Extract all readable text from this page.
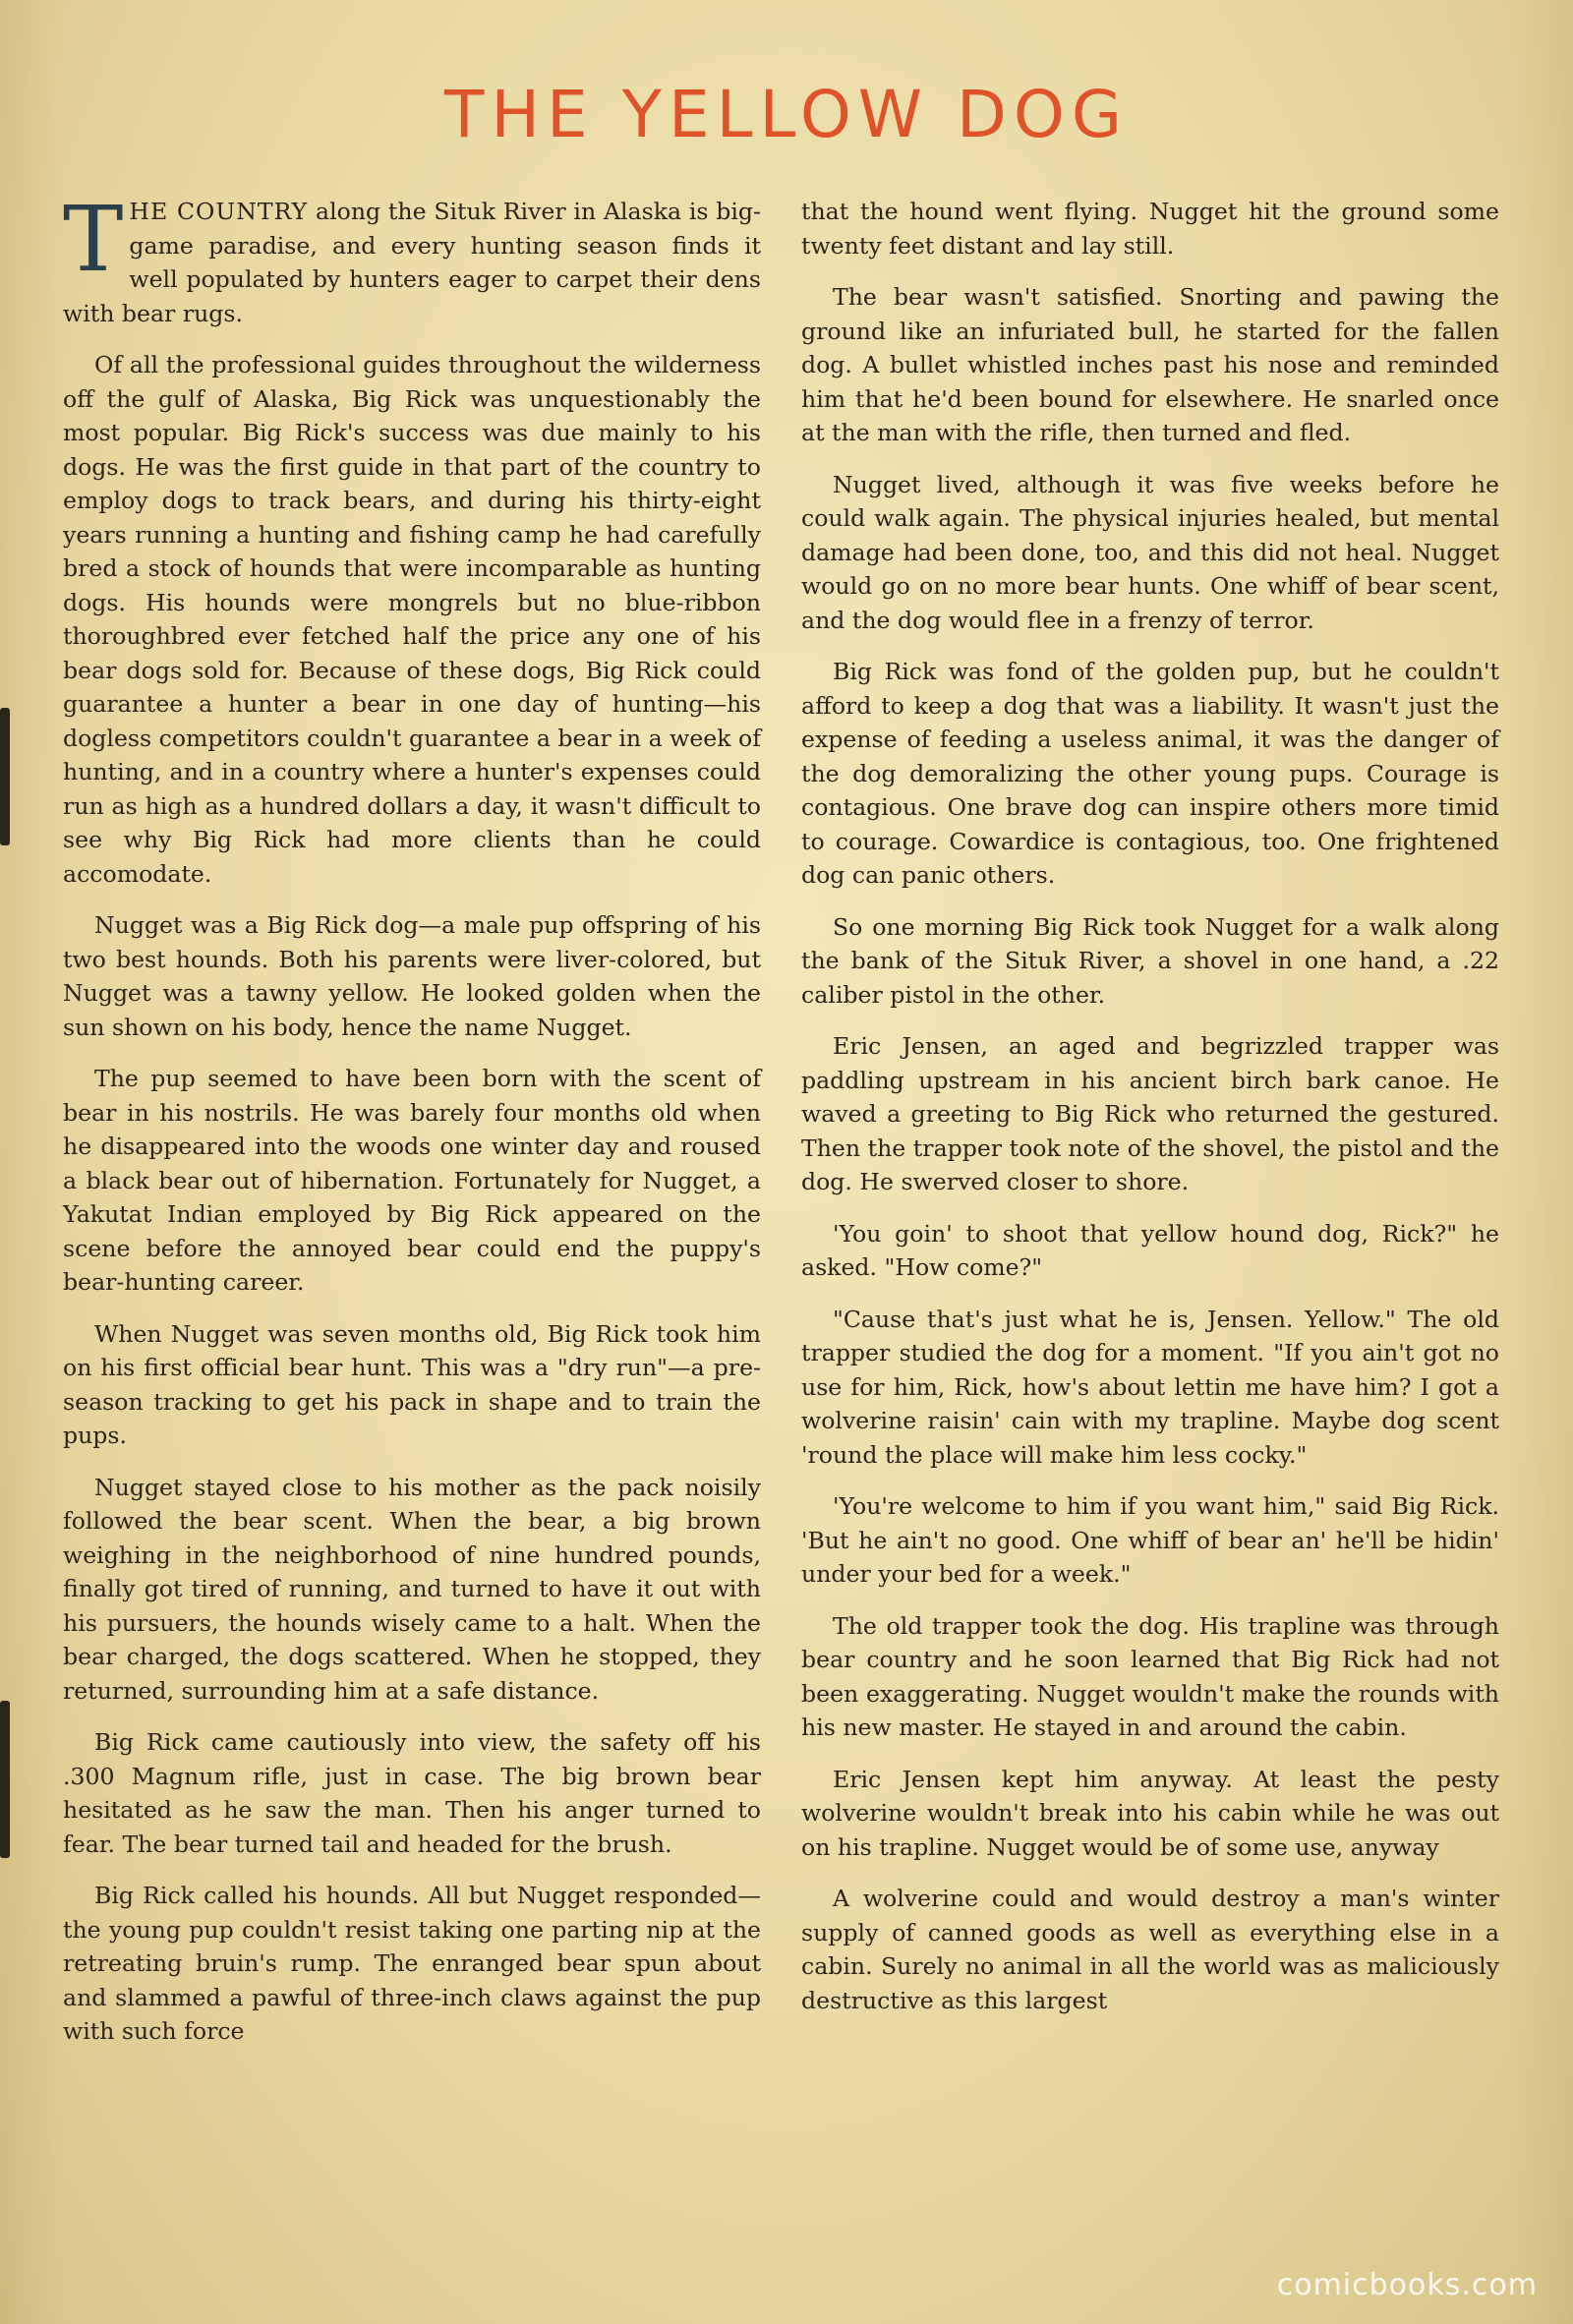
THE YELLOW DOG

THE COUNTRY along the Situk River in Alaska is big-game paradise, and every hunting season finds it well populated by hunters eager to carpet their dens with bear rugs.

Of all the professional guides throughout the wilderness off the gulf of Alaska, Big Rick was unquestionably the most popular. Big Rick's success was due mainly to his dogs. He was the first guide in that part of the country to employ dogs to track bears, and during his thirty-eight years running a hunting and fishing camp he had carefully bred a stock of hounds that were incomparable as hunting dogs. His hounds were mongrels but no blue-ribbon thoroughbred ever fetched half the price any one of his bear dogs sold for. Because of these dogs, Big Rick could guarantee a hunter a bear in one day of hunting—his dogless competitors couldn't guarantee a bear in a week of hunting, and in a country where a hunter's expenses could run as high as a hundred dollars a day, it wasn't difficult to see why Big Rick had more clients than he could accomodate.

Nugget was a Big Rick dog—a male pup offspring of his two best hounds. Both his parents were liver-colored, but Nugget was a tawny yellow. He looked golden when the sun shown on his body, hence the name Nugget.

The pup seemed to have been born with the scent of bear in his nostrils. He was barely four months old when he disappeared into the woods one winter day and roused a black bear out of hibernation. Fortunately for Nugget, a Yakutat Indian employed by Big Rick appeared on the scene before the annoyed bear could end the puppy's bear-hunting career.

When Nugget was seven months old, Big Rick took him on his first official bear hunt. This was a "dry run"—a pre-season tracking to get his pack in shape and to train the pups.

Nugget stayed close to his mother as the pack noisily followed the bear scent. When the bear, a big brown weighing in the neighborhood of nine hundred pounds, finally got tired of running, and turned to have it out with his pursuers, the hounds wisely came to a halt. When the bear charged, the dogs scattered. When he stopped, they returned, surrounding him at a safe distance.

Big Rick came cautiously into view, the safety off his .300 Magnum rifle, just in case. The big brown bear hesitated as he saw the man. Then his anger turned to fear. The bear turned tail and headed for the brush.

Big Rick called his hounds. All but Nugget responded—the young pup couldn't resist taking one parting nip at the retreating bruin's rump. The enranged bear spun about and slammed a pawful of three-inch claws against the pup with such force

that the hound went flying. Nugget hit the ground some twenty feet distant and lay still.

The bear wasn't satisfied. Snorting and pawing the ground like an infuriated bull, he started for the fallen dog. A bullet whistled inches past his nose and reminded him that he'd been bound for elsewhere. He snarled once at the man with the rifle, then turned and fled.

Nugget lived, although it was five weeks before he could walk again. The physical injuries healed, but mental damage had been done, too, and this did not heal. Nugget would go on no more bear hunts. One whiff of bear scent, and the dog would flee in a frenzy of terror.

Big Rick was fond of the golden pup, but he couldn't afford to keep a dog that was a liability. It wasn't just the expense of feeding a useless animal, it was the danger of the dog demoralizing the other young pups. Courage is contagious. One brave dog can inspire others more timid to courage. Cowardice is contagious, too. One frightened dog can panic others.

So one morning Big Rick took Nugget for a walk along the bank of the Situk River, a shovel in one hand, a .22 caliber pistol in the other.

Eric Jensen, an aged and begrizzled trapper was paddling upstream in his ancient birch bark canoe. He waved a greeting to Big Rick who returned the gestured. Then the trapper took note of the shovel, the pistol and the dog. He swerved closer to shore.

'You goin' to shoot that yellow hound dog, Rick?" he asked. "How come?"

"Cause that's just what he is, Jensen. Yellow." The old trapper studied the dog for a moment. "If you ain't got no use for him, Rick, how's about lettin me have him? I got a wolverine raisin' cain with my trapline. Maybe dog scent 'round the place will make him less cocky."

'You're welcome to him if you want him," said Big Rick. 'But he ain't no good. One whiff of bear an' he'll be hidin' under your bed for a week."

The old trapper took the dog. His trapline was through bear country and he soon learned that Big Rick had not been exaggerating. Nugget wouldn't make the rounds with his new master. He stayed in and around the cabin.

Eric Jensen kept him anyway. At least the pesty wolverine wouldn't break into his cabin while he was out on his trapline. Nugget would be of some use, anyway

A wolverine could and would destroy a man's winter supply of canned goods as well as everything else in a cabin. Surely no animal in all the world was as maliciously destructive as this largest

comicbooks.com
